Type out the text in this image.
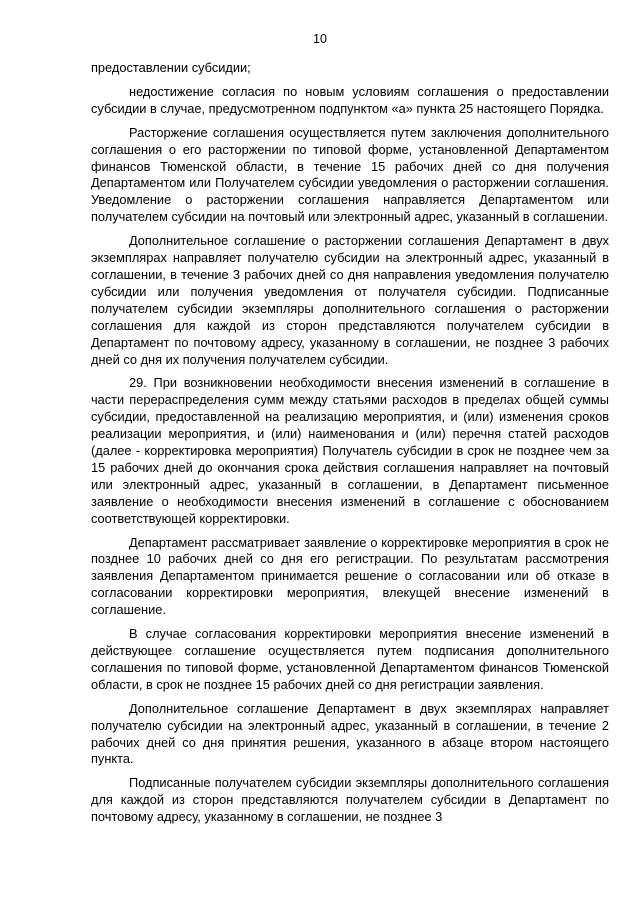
10

предоставлении субсидии;

недостижение согласия по новым условиям соглашения о предоставлении субсидии в случае, предусмотренном подпунктом «а» пункта 25 настоящего Порядка.

Расторжение соглашения осуществляется путем заключения дополнительного соглашения о его расторжении по типовой форме, установленной Департаментом финансов Тюменской области, в течение 15 рабочих дней со дня получения Департаментом или Получателем субсидии уведомления о расторжении соглашения. Уведомление о расторжении соглашения направляется Департаментом или получателем субсидии на почтовый или электронный адрес, указанный в соглашении.

Дополнительное соглашение о расторжении соглашения Департамент в двух экземплярах направляет получателю субсидии на электронный адрес, указанный в соглашении, в течение 3 рабочих дней со дня направления уведомления получателю субсидии или получения уведомления от получателя субсидии. Подписанные получателем субсидии экземпляры дополнительного соглашения о расторжении соглашения для каждой из сторон представляются получателем субсидии в Департамент по почтовому адресу, указанному в соглашении, не позднее 3 рабочих дней со дня их получения получателем субсидии.

29. При возникновении необходимости внесения изменений в соглашение в части перераспределения сумм между статьями расходов в пределах общей суммы субсидии, предоставленной на реализацию мероприятия, и (или) изменения сроков реализации мероприятия, и (или) наименования и (или) перечня статей расходов (далее - корректировка мероприятия) Получатель субсидии в срок не позднее чем за 15 рабочих дней до окончания срока действия соглашения направляет на почтовый или электронный адрес, указанный в соглашении, в Департамент письменное заявление о необходимости внесения изменений в соглашение с обоснованием соответствующей корректировки.

Департамент рассматривает заявление о корректировке мероприятия в срок не позднее 10 рабочих дней со дня его регистрации. По результатам рассмотрения заявления Департаментом принимается решение о согласовании или об отказе в согласовании корректировки мероприятия, влекущей внесение изменений в соглашение.

В случае согласования корректировки мероприятия внесение изменений в действующее соглашение осуществляется путем подписания дополнительного соглашения по типовой форме, установленной Департаментом финансов Тюменской области, в срок не позднее 15 рабочих дней со дня регистрации заявления.

Дополнительное соглашение Департамент в двух экземплярах направляет получателю субсидии на электронный адрес, указанный в соглашении, в течение 2 рабочих дней со дня принятия решения, указанного в абзаце втором настоящего пункта.

Подписанные получателем субсидии экземпляры дополнительного соглашения для каждой из сторон представляются получателем субсидии в Департамент по почтовому адресу, указанному в соглашении, не позднее 3
